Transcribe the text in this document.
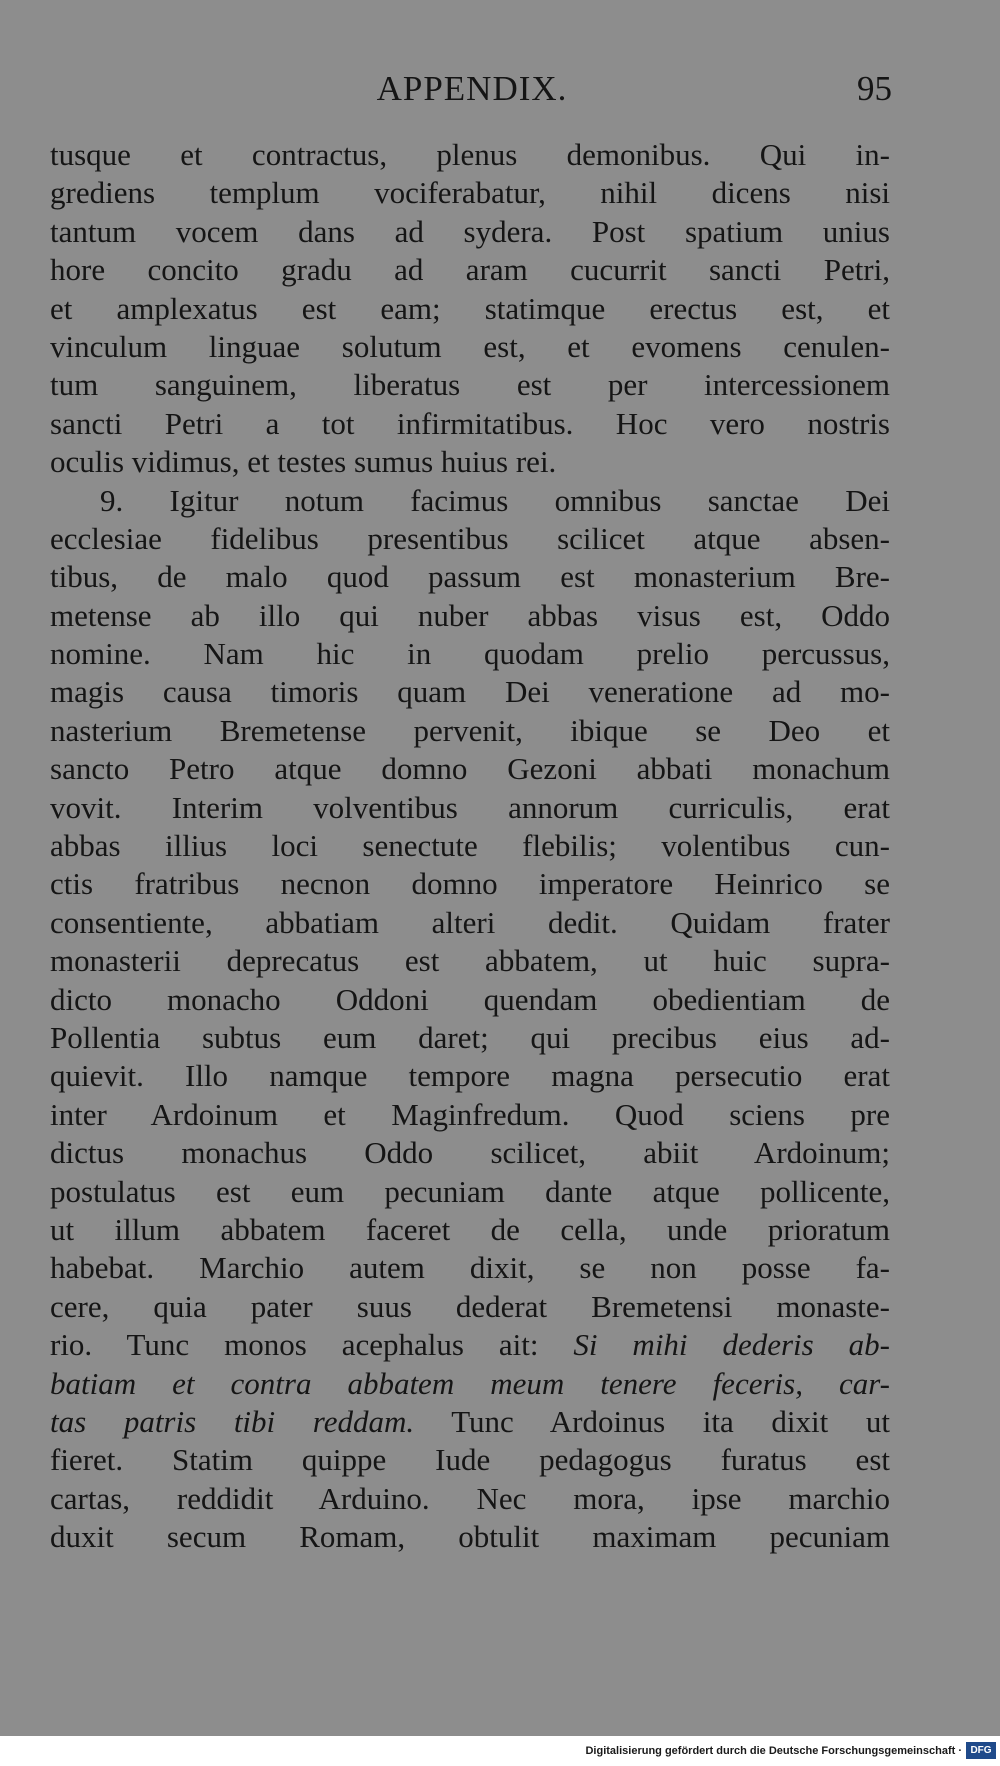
APPENDIX.	95
tusque et contractus, plenus demonibus. Qui in-
grediens templum vociferabatur, nihil dicens nisi
tantum vocem dans ad sydera. Post spatium unius
hore concito gradu ad aram cucurrit sancti Petri,
et amplexatus est eam; statimque erectus est, et
vinculum linguae solutum est, et evomens cenulen-
tum sanguinem, liberatus est per intercessionem
sancti Petri a tot infirmitatibus. Hoc vero nostris
oculis vidimus, et testes sumus huius rei.
9. Igitur notum facimus omnibus sanctae Dei
ecclesiae fidelibus presentibus scilicet atque absen-
tibus, de malo quod passum est monasterium Bre-
metense ab illo qui nuber abbas visus est, Oddo
nomine. Nam hic in quodam prelio percussus,
magis causa timoris quam Dei veneratione ad mo-
nasterium Bremetense pervenit, ibique se Deo et
sancto Petro atque domno Gezoni abbati monachum
vovit. Interim volventibus annorum curriculis, erat
abbas illius loci senectute flebilis; volentibus cun-
ctis fratribus necnon domno imperatore Heinrico se
consentiente, abbatiam alteri dedit. Quidam frater
monasterii deprecatus est abbatem, ut huic supra-
dicto monacho Oddoni quendam obedientiam de
Pollentia subtus eum daret; qui precibus eius ad-
quievit. Illo namque tempore magna persecutio erat
inter Ardoinum et Maginfredum. Quod sciens pre
dictus monachus Oddo scilicet, abiit Ardoinum;
postulatus est eum pecuniam dante atque pollicente,
ut illum abbatem faceret de cella, unde prioratum
habebat. Marchio autem dixit, se non posse fa-
cere, quia pater suus dederat Bremetensi monaste-
rio. Tunc monos acephalus ait: Si mihi dederis ab-
batiam et contra abbatem meum tenere feceris, car-
tas patris tibi reddam. Tunc Ardoinus ita dixit ut
fieret. Statim quippe Iude pedagogus furatus est
cartas, reddidit Arduino. Nec mora, ipse marchio
duxit secum Romam, obtulit maximam pecuniam
Digitalisierung gefördert durch die Deutsche Forschungsgemeinschaft · DFG
